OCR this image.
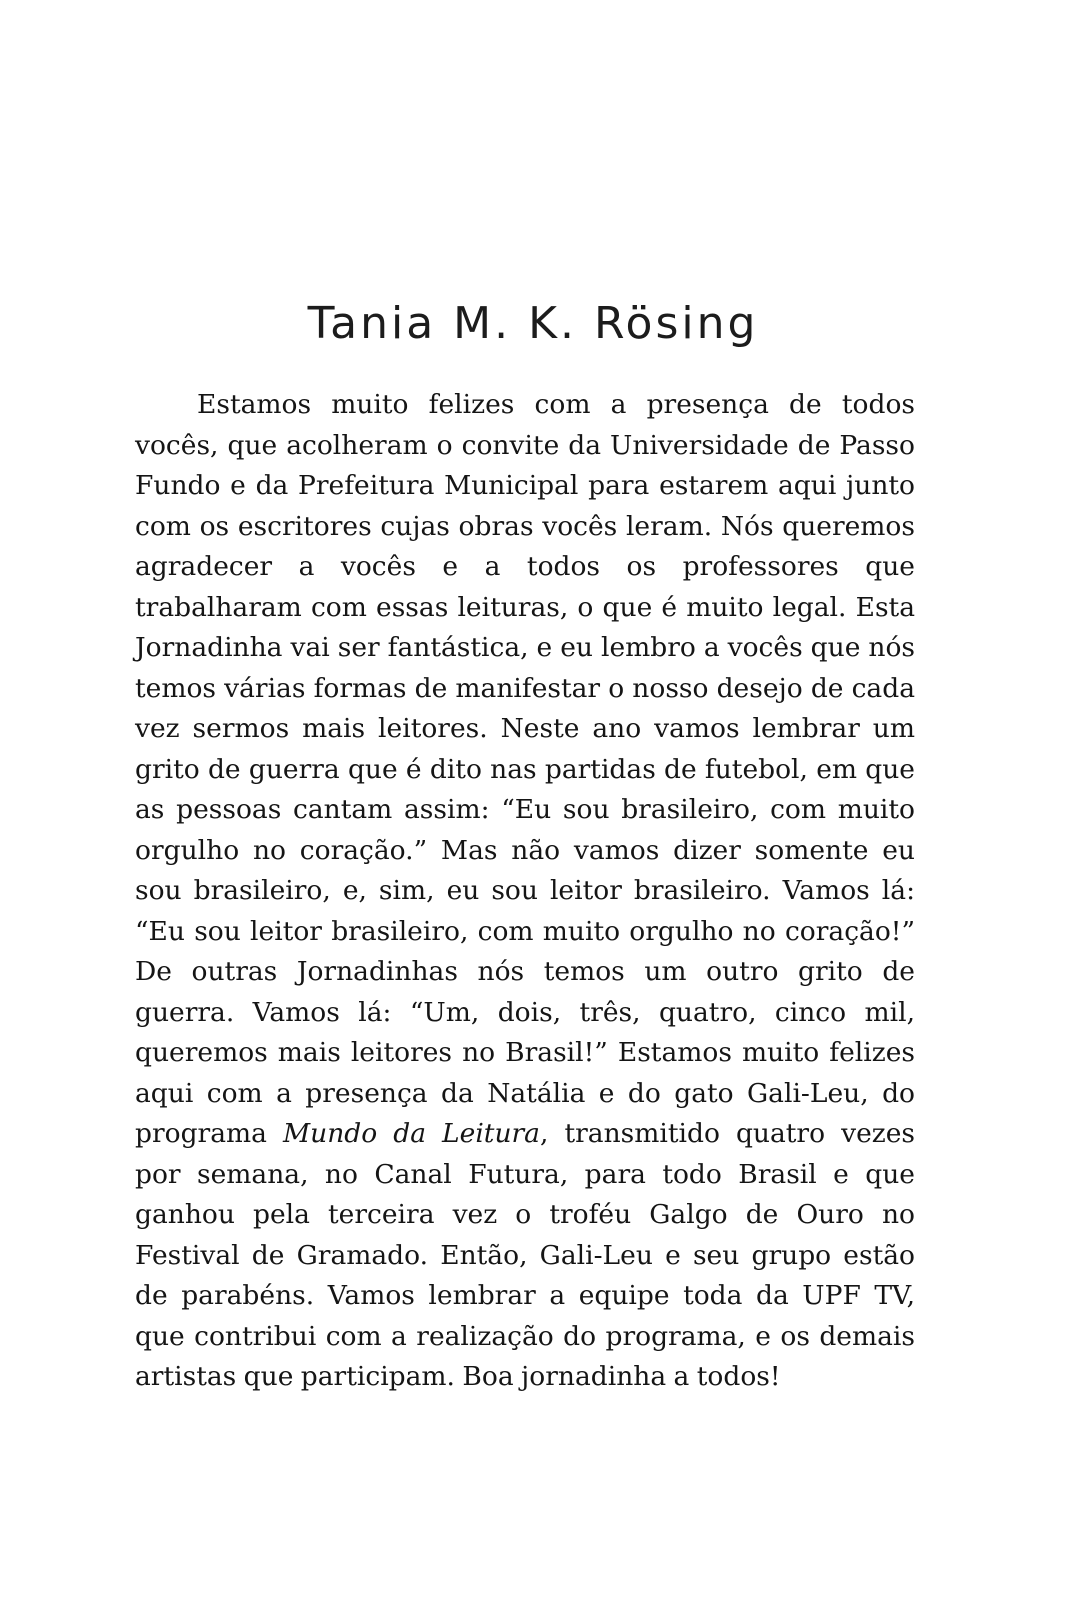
Tania M. K. Rösing

Estamos muito felizes com a presença de todos vocês, que acolheram o convite da Universidade de Passo Fundo e da Prefeitura Municipal para estarem aqui junto com os escritores cujas obras vocês leram. Nós queremos agradecer a vocês e a todos os professores que trabalharam com essas leituras, o que é muito legal. Esta Jornadinha vai ser fantástica, e eu lembro a vocês que nós temos várias formas de manifestar o nosso desejo de cada vez sermos mais leitores. Neste ano vamos lembrar um grito de guerra que é dito nas partidas de futebol, em que as pessoas cantam assim: “Eu sou brasileiro, com muito orgulho no coração.” Mas não vamos dizer somente eu sou brasileiro, e, sim, eu sou leitor brasileiro. Vamos lá: “Eu sou leitor brasileiro, com muito orgulho no coração!” De outras Jornadinhas nós temos um outro grito de guerra. Vamos lá: “Um, dois, três, quatro, cinco mil, queremos mais leitores no Brasil!” Estamos muito felizes aqui com a presença da Natália e do gato Gali-Leu, do programa Mundo da Leitura, transmitido quatro vezes por semana, no Canal Futura, para todo Brasil e que ganhou pela terceira vez o troféu Galgo de Ouro no Festival de Gramado. Então, Gali-Leu e seu grupo estão de parabéns. Vamos lembrar a equipe toda da UPF TV, que contribui com a realização do programa, e os demais artistas que participam. Boa jornadinha a todos!
